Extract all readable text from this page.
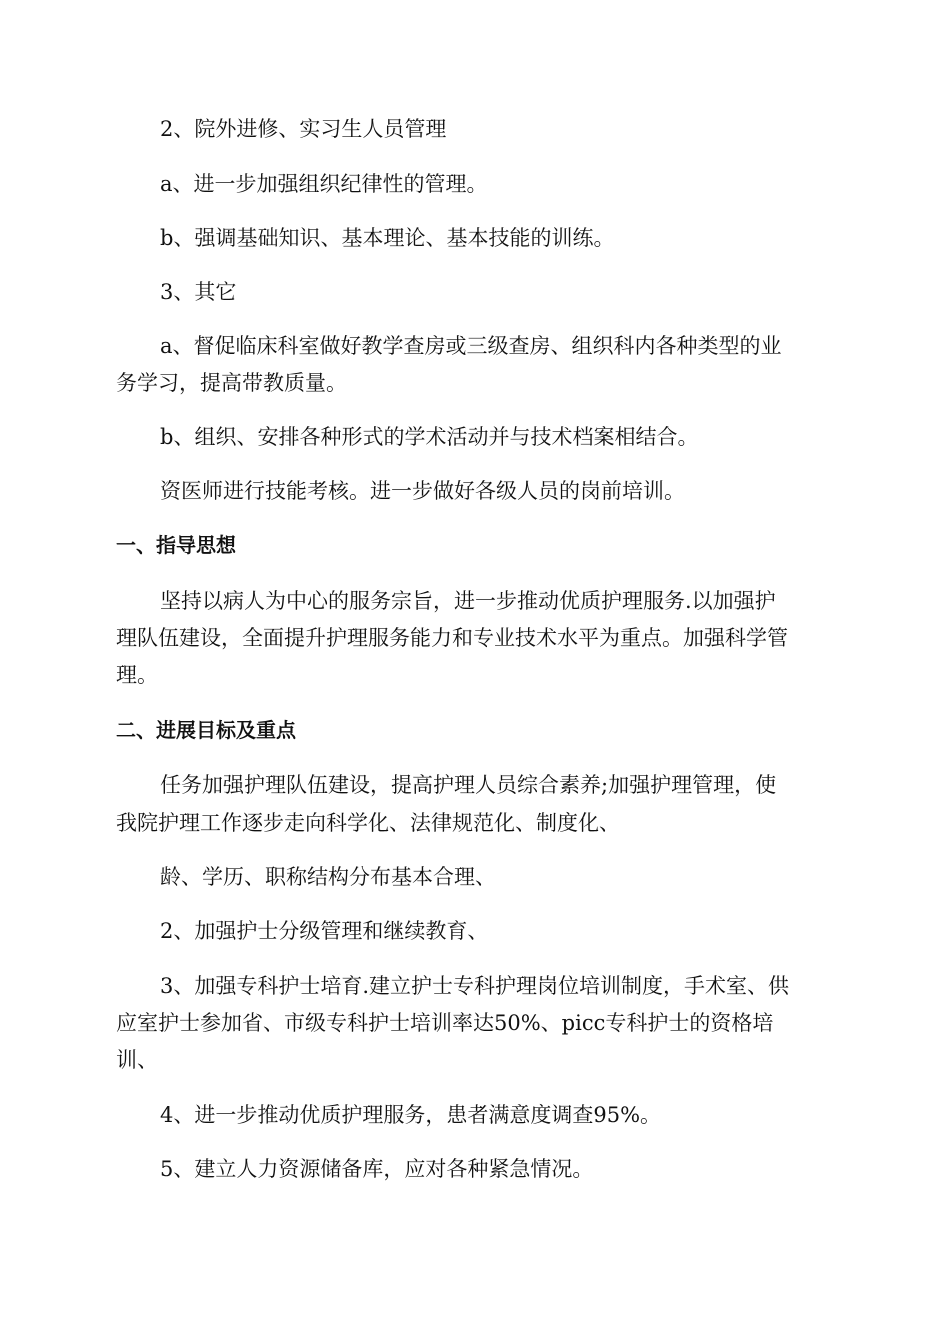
2、院外进修、实习生人员管理
a、进一步加强组织纪律性的管理。
b、强调基础知识、基本理论、基本技能的训练。
3、其它
a、督促临床科室做好教学查房或三级查房、组织科内各种类型的业
务学习，提高带教质量。
b、组织、安排各种形式的学术活动并与技术档案相结合。
资医师进行技能考核。进一步做好各级人员的岗前培训。
一、指导思想
坚持以病人为中心的服务宗旨，进一步推动优质护理服务.以加强护
理队伍建设，全面提升护理服务能力和专业技术水平为重点。加强科学管
理。
二、进展目标及重点
任务加强护理队伍建设，提高护理人员综合素养;加强护理管理，使
我院护理工作逐步走向科学化、法律规范化、制度化、
龄、学历、职称结构分布基本合理、
2、加强护士分级管理和继续教育、
3、加强专科护士培育.建立护士专科护理岗位培训制度，手术室、供
应室护士参加省、市级专科护士培训率达50%、picc专科护士的资格培
训、
4、进一步推动优质护理服务，患者满意度调查95%。
5、建立人力资源储备库，应对各种紧急情况。
